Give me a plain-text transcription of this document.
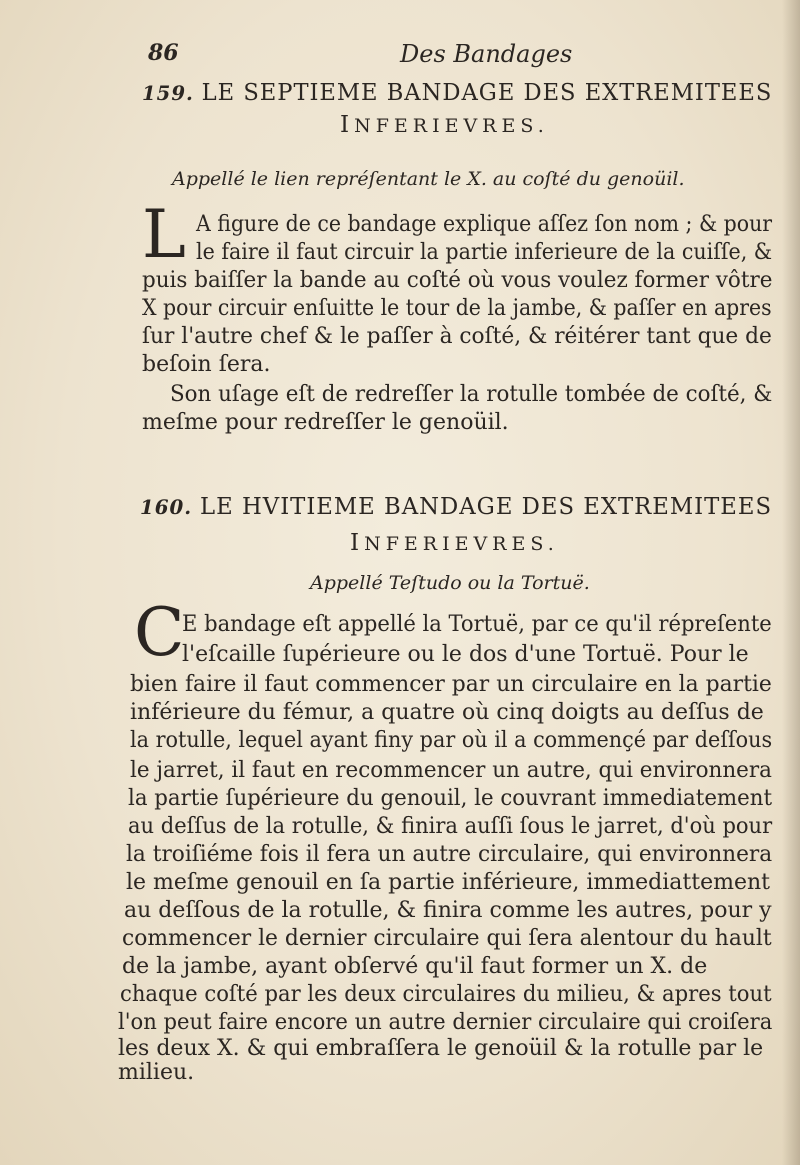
86	Des Bandages
159. LE SEPTIEME BANDAGE DES EXTREMITEES
INFERIEVRES.
Appellé le lien repréſentant le X. au coſté du genoüil.
L A figure de ce bandage explique aſſez ſon nom ; & pour
le faire il faut circuir la partie inferieure de la cuiſſe, &
puis baiſſer la bande au coſté où vous voulez former vôtre
X pour circuir enſuitte le tour de la jambe, & paſſer en apres
ſur l'autre chef & le paſſer à coſté, & réitérer tant que de
beſoin ſera.
Son uſage eſt de redreſſer la rotulle tombée de coſté, &
meſme pour redreſſer le genoüil.
160. LE HVITIEME BANDAGE DES EXTREMITEES
INFERIEVRES.
Appellé Teſtudo ou la Tortuë.
C
E bandage eſt appellé la Tortuë, par ce qu'il répreſente
l'eſcaille ſupérieure ou le dos d'une Tortuë. Pour le
bien faire il faut commencer par un circulaire en la partie
inférieure du fémur, a quatre où cinq doigts au deſſus de
la rotulle, lequel ayant finy par où il a commençé par deſſous
le jarret, il faut en recommencer un autre, qui environnera
la partie ſupérieure du genouil, le couvrant immediatement
au deſſus de la rotulle, & finira auſſi ſous le jarret, d'où pour
la troiſiéme fois il fera un autre circulaire, qui environnera
le meſme genouil en ſa partie inférieure, immediattement
au deſſous de la rotulle, & finira comme les autres, pour y
commencer le dernier circulaire qui ſera alentour du hault
de la jambe, ayant obſervé qu'il faut former un X. de
chaque coſté par les deux circulaires du milieu, & apres tout
l'on peut faire encore un autre dernier circulaire qui croiſera
les deux X. & qui embraſſera le genoüil & la rotulle par le
milieu.
